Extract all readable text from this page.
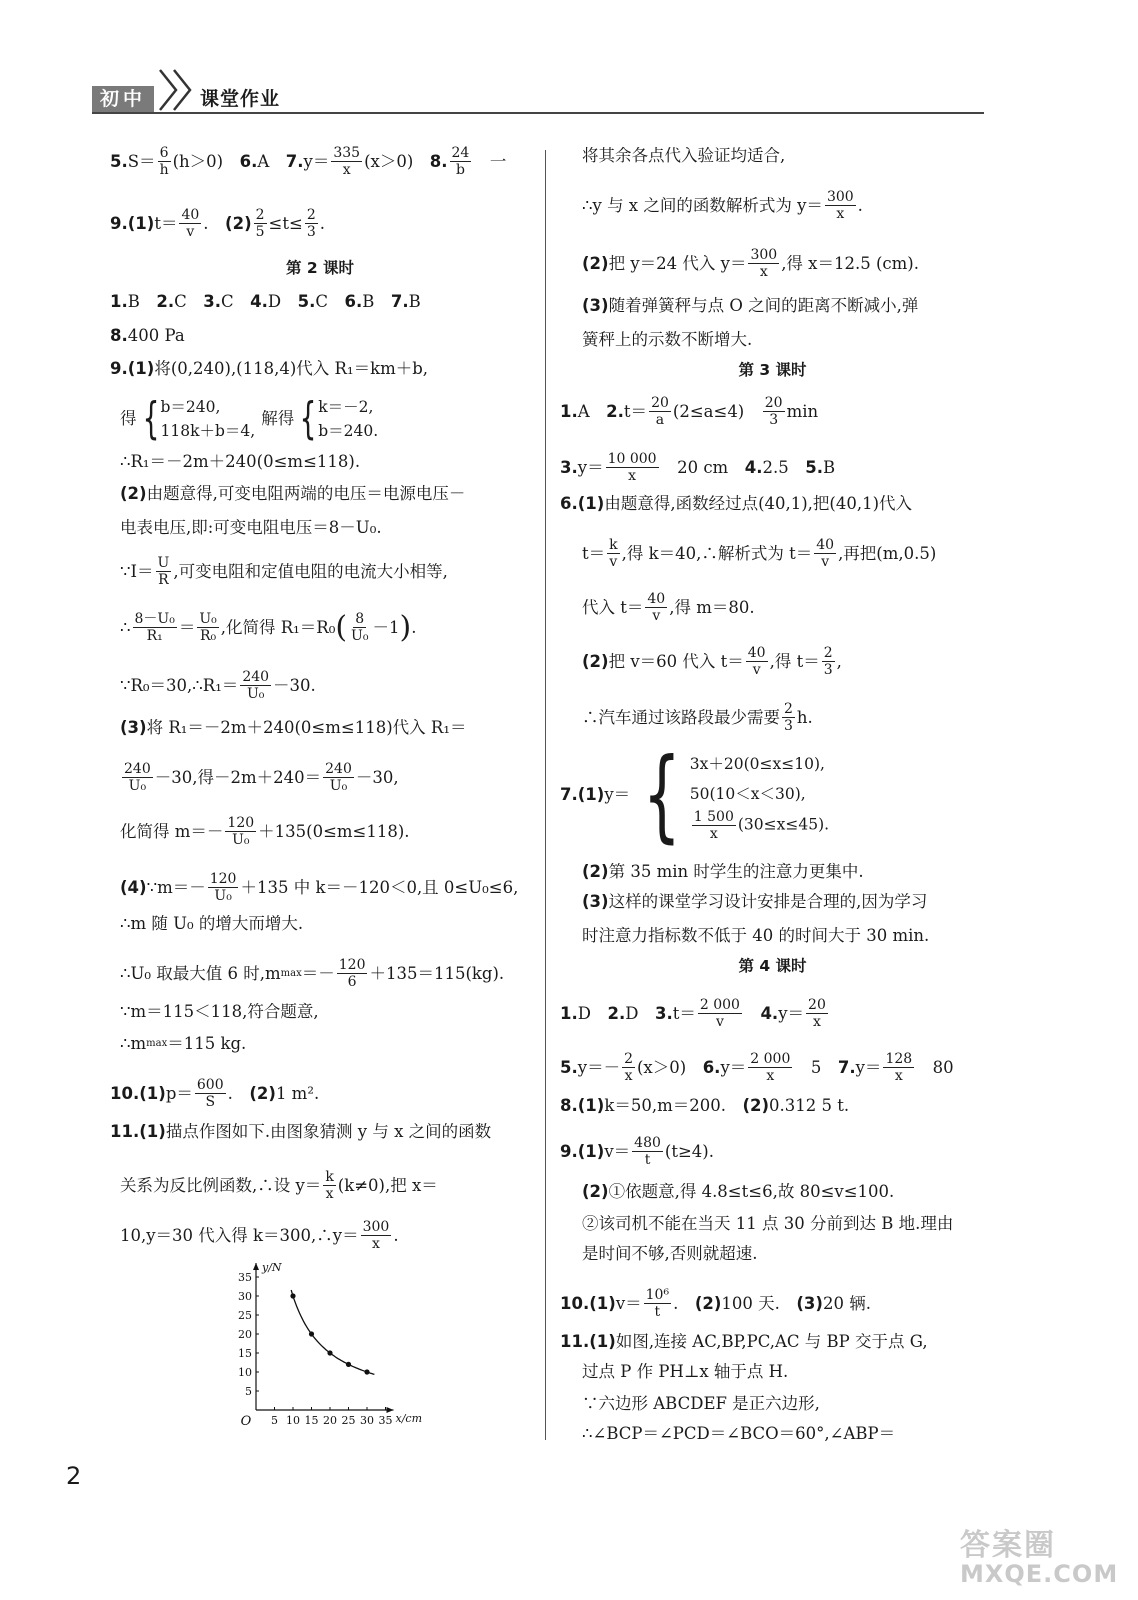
初中	课堂作业
5. $S= \frac{6}{h} (h>0)$　 6. A　 7. $y= \frac{335}{x} (x>0)$　 8. $\frac{24}{b}$ 　一
9. (1) $t= \frac{40}{v}$ .　 $(2) \frac{2}{5} \le t\le \frac{2}{3}$ .
第 2 课时
1. B　 2. C　 3. C　 4. D　 5. C　 6. B　 7. B
8. 400 Pa
9. (1) 将(0,240),(118,4)代入 R₁＝km＋b,
得 { b＝240,
118k＋b＝4,
解得 { k＝－2,
b＝240.
∴R₁＝－2m＋240(0≤m≤118).
(2) 由题意得,可变电阻两端的电压＝电源电压－
电表电压,即:可变电阻电压＝8－U₀.
∵I＝ $\frac{U}{R}$ ,可变电阻和定值电阻的电流大小相等,
∴ $\frac{\text{8－U₀}}{\text{R₁}} = \frac{\text{U₀}}{\text{R₀}}$ ,化简得 R₁＝R₀ ( $\frac{8}{\text{U₀}} -1$ ) .
∵R₀＝30,∴R₁＝ $\frac{240}{\text{U₀}} -30$.
(3) 将 R₁＝－2m＋240(0≤m≤118)代入 R₁＝
$\frac{240}{\text{U₀}} -30$,得$-2m+240= \frac{240}{\text{U₀}} -30$,
化简得 $m=- \frac{120}{\text{U₀}} +135(0\le m\le 118)$.
(4) ∵m＝－ $\frac{120}{\text{U₀}} +135$ 中 k＝－120＜0,且 0≤U₀≤6,
∴m 随 U₀ 的增大而增大.
∴U₀ 取最大值 6 时,m $\max =- \frac{120}{6} +135=115(kg)$.
∵m＝115＜118,符合题意,
∴m max ＝115 kg.
10. (1) $p= \frac{600}{S}$ .　 (2) 1 m².
11. (1) 描点作图如下.由图象猜测 y 与 x 之间的函数
关系为反比例函数,∴设 $y= \frac{k}{x} (k\ne 0)$,把 x＝
10,y＝30 代入得 k＝300,∴y＝ $\frac{300}{x}$ .
5 10 15 20 25 30 35
5
10
15
20
25
30
35
O	x/cm
y/N
将其余各点代入验证均适合,
∴y 与 x 之间的函数解析式为 $y= \frac{300}{x}$ .
(2) 把 y＝24 代入 $y= \frac{300}{x}$ ,得 x＝12.5 (cm).
(3) 随着弹簧秤与点 O 之间的距离不断减小,弹
簧秤上的示数不断增大.
第 3 课时
1. A　 2. $t= \frac{20}{a} (2\le a\le 4)$　 $\frac{20}{3}$ min
3. $y= \frac{10 000}{x}$ 　20 cm　 4. 2.5　 5. B
6. (1) 由题意得,函数经过点(40,1),把(40,1)代入
$t= \frac{k}{v}$ ,得 k＝40,∴解析式为 $t= \frac{40}{v}$ ,再把(m,0.5)
代入 $t= \frac{40}{v}$ ,得 m＝80.
(2) 把 v＝60 代入 $t= \frac{40}{v}$ ,得 $t= \frac{2}{3}$ ,
∴汽车通过该路段最少需要 $\frac{2}{3} h$.
7. (1) y＝ { 3x＋20(0≤x≤10),
50(10＜x＜30),
$\frac{1 500}{x} (30\le x\le 45)$.
(2) 第 35 min 时学生的注意力更集中.
(3) 这样的课堂学习设计安排是合理的,因为学习
时注意力指标数不低于 40 的时间大于 30 min.
第 4 课时
1. D　 2. D　 3. $t= \frac{2 000}{v}$
　 4. $y= \frac{20}{x}$
5. $y=- \frac{2}{x} (x>0)$　 6. $y= \frac{2 000}{x}$ 　5　 7. $y= \frac{128}{x}$ 　80
8. (1) k＝50,m＝200.　 (2) 0.312 5 t.
9. (1) $v= \frac{480}{t} (t\ge 4)$.
(2) ①依题意,得 4.8≤t≤6,故 80≤v≤100.
②该司机不能在当天 11 点 30 分前到达 B 地.理由
是时间不够,否则就超速.
10. (1) $v= \frac{\text{10⁶}}{t}$ .　 (2) 100 天.　 (3) 20 辆.
11. (1) 如图,连接 AC,BP,PC,AC 与 BP 交于点 G,
过点 P 作 PH⊥x 轴于点 H.
∵六边形 ABCDEF 是正六边形,
∴∠BCP＝∠PCD＝∠BCO＝60°,∠ABP＝
2
答案圈
MXQE.COM
